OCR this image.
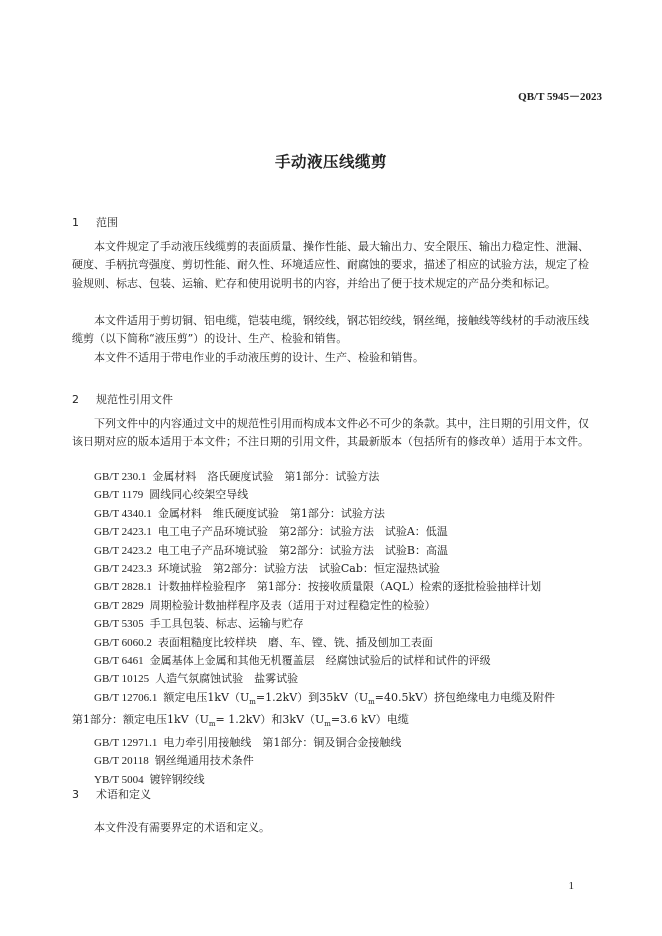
QB/T 5945－2023
手动液压线缆剪
1 范围

本文件规定了手动液压线缆剪的表面质量、操作性能、最大输出力、安全限压、输出力稳定性、泄漏、硬度、手柄抗弯强度、剪切性能、耐久性、环境适应性、耐腐蚀的要求，描述了相应的试验方法，规定了检验规则、标志、包装、运输、贮存和使用说明书的内容，并给出了便于技术规定的产品分类和标记。

本文件适用于剪切铜、铝电缆，铠装电缆，钢绞线，钢芯铝绞线，钢丝绳，接触线等线材的手动液压线缆剪（以下简称“液压剪”）的设计、生产、检验和销售。

本文件不适用于带电作业的手动液压剪的设计、生产、检验和销售。

2 规范性引用文件

下列文件中的内容通过文中的规范性引用而构成本文件必不可少的条款。其中，注日期的引用文件，仅该日期对应的版本适用于本文件；不注日期的引用文件，其最新版本（包括所有的修改单）适用于本文件。

GB/T 230.1 金属材料　洛氏硬度试验　第1部分：试验方法
GB/T 1179 圆线同心绞架空导线
GB/T 4340.1 金属材料　维氏硬度试验　第1部分：试验方法
GB/T 2423.1 电工电子产品环境试验　第2部分：试验方法　试验A：低温
GB/T 2423.2 电工电子产品环境试验　第2部分：试验方法　试验B：高温
GB/T 2423.3 环境试验　第2部分：试验方法　试验Cab：恒定湿热试验
GB/T 2828.1 计数抽样检验程序　第1部分：按接收质量限（AQL）检索的逐批检验抽样计划
GB/T 2829 周期检验计数抽样程序及表（适用于对过程稳定性的检验）
GB/T 5305 手工具包装、标志、运输与贮存
GB/T 6060.2 表面粗糙度比较样块　磨、车、镗、铣、插及刨加工表面
GB/T 6461 金属基体上金属和其他无机覆盖层　经腐蚀试验后的试样和试件的评级
GB/T 10125 人造气氛腐蚀试验　盐雾试验
GB/T 12706.1 额定电压$1kV(U_m=1.2kV)$到$35kV(U_m=40.5kV)$挤包绝缘电力电缆及附件
第1部分：额定电压$1kV(U_m= 1.2kV)$和$3kV(U_m=3.6$ kV）电缆
GB/T 12971.1 电力牵引用接触线　第1部分：铜及铜合金接触线
GB/T 20118 钢丝绳通用技术条件
YB/T 5004 镀锌钢绞线
3 术语和定义

本文件没有需要界定的术语和定义。

1
